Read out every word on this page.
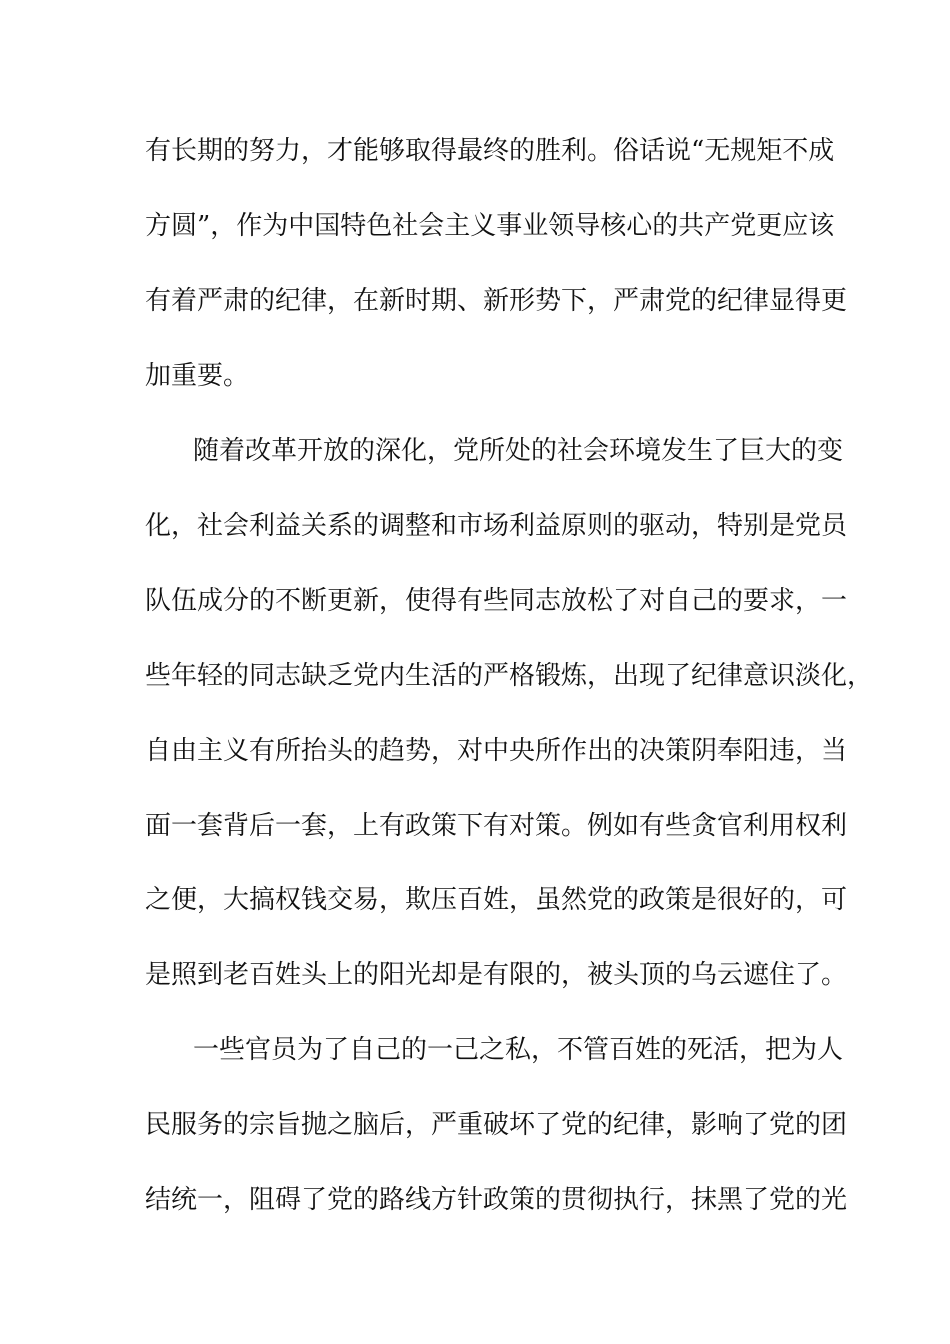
有长期的努力，才能够取得最终的胜利。俗话说“无规矩不成
方圆”，作为中国特色社会主义事业领导核心的共产党更应该
有着严肃的纪律，在新时期、新形势下，严肃党的纪律显得更
加重要。
随着改革开放的深化，党所处的社会环境发生了巨大的变
化，社会利益关系的调整和市场利益原则的驱动，特别是党员
队伍成分的不断更新，使得有些同志放松了对自己的要求，一
些年轻的同志缺乏党内生活的严格锻炼，出现了纪律意识淡化，
自由主义有所抬头的趋势，对中央所作出的决策阴奉阳违，当
面一套背后一套，上有政策下有对策。例如有些贪官利用权利
之便，大搞权钱交易，欺压百姓，虽然党的政策是很好的，可
是照到老百姓头上的阳光却是有限的，被头顶的乌云遮住了。
一些官员为了自己的一己之私，不管百姓的死活，把为人
民服务的宗旨抛之脑后，严重破坏了党的纪律，影响了党的团
结统一，阻碍了党的路线方针政策的贯彻执行，抹黑了党的光
